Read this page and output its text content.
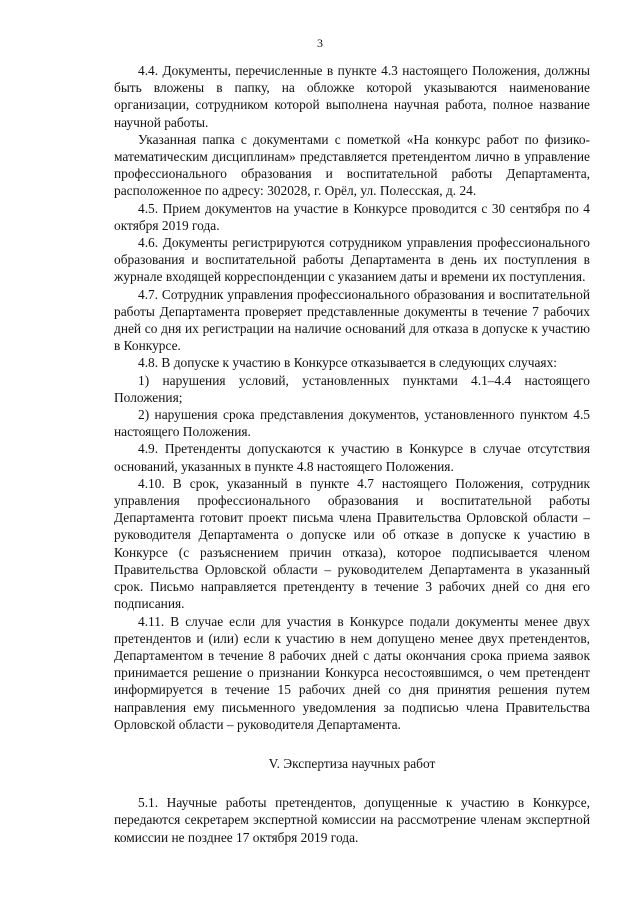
3

4.4. Документы, перечисленные в пункте 4.3 настоящего Положения, должны быть вложены в папку, на обложке которой указываются наименование организации, сотрудником которой выполнена научная работа, полное название научной работы.

Указанная папка с документами с пометкой «На конкурс работ по физико-математическим дисциплинам» представляется претендентом лично в управление профессионального образования и воспитательной работы Департамента, расположенное по адресу: 302028, г. Орёл, ул. Полесская, д. 24.

4.5. Прием документов на участие в Конкурсе проводится с 30 сентября по 4 октября 2019 года.

4.6. Документы регистрируются сотрудником управления профессионального образования и воспитательной работы Департамента в день их поступления в журнале входящей корреспонденции с указанием даты и времени их поступления.

4.7. Сотрудник управления профессионального образования и воспитательной работы Департамента проверяет представленные документы в течение 7 рабочих дней со дня их регистрации на наличие оснований для отказа в допуске к участию в Конкурсе.

4.8. В допуске к участию в Конкурсе отказывается в следующих случаях:

1) нарушения условий, установленных пунктами 4.1–4.4 настоящего Положения;

2) нарушения срока представления документов, установленного пунктом 4.5 настоящего Положения.

4.9. Претенденты допускаются к участию в Конкурсе в случае отсутствия оснований, указанных в пункте 4.8 настоящего Положения.

4.10. В срок, указанный в пункте 4.7 настоящего Положения, сотрудник управления профессионального образования и воспитательной работы Департамента готовит проект письма члена Правительства Орловской области – руководителя Департамента о допуске или об отказе в допуске к участию в Конкурсе (с разъяснением причин отказа), которое подписывается членом Правительства Орловской области – руководителем Департамента в указанный срок. Письмо направляется претенденту в течение 3 рабочих дней со дня его подписания.

4.11. В случае если для участия в Конкурсе подали документы менее двух претендентов и (или) если к участию в нем допущено менее двух претендентов, Департаментом в течение 8 рабочих дней с даты окончания срока приема заявок принимается решение о признании Конкурса несостоявшимся, о чем претендент информируется в течение 15 рабочих дней со дня принятия решения путем направления ему письменного уведомления за подписью члена Правительства Орловской области – руководителя Департамента.

V. Экспертиза научных работ

5.1. Научные работы претендентов, допущенные к участию в Конкурсе, передаются секретарем экспертной комиссии на рассмотрение членам экспертной комиссии не позднее 17 октября 2019 года.
